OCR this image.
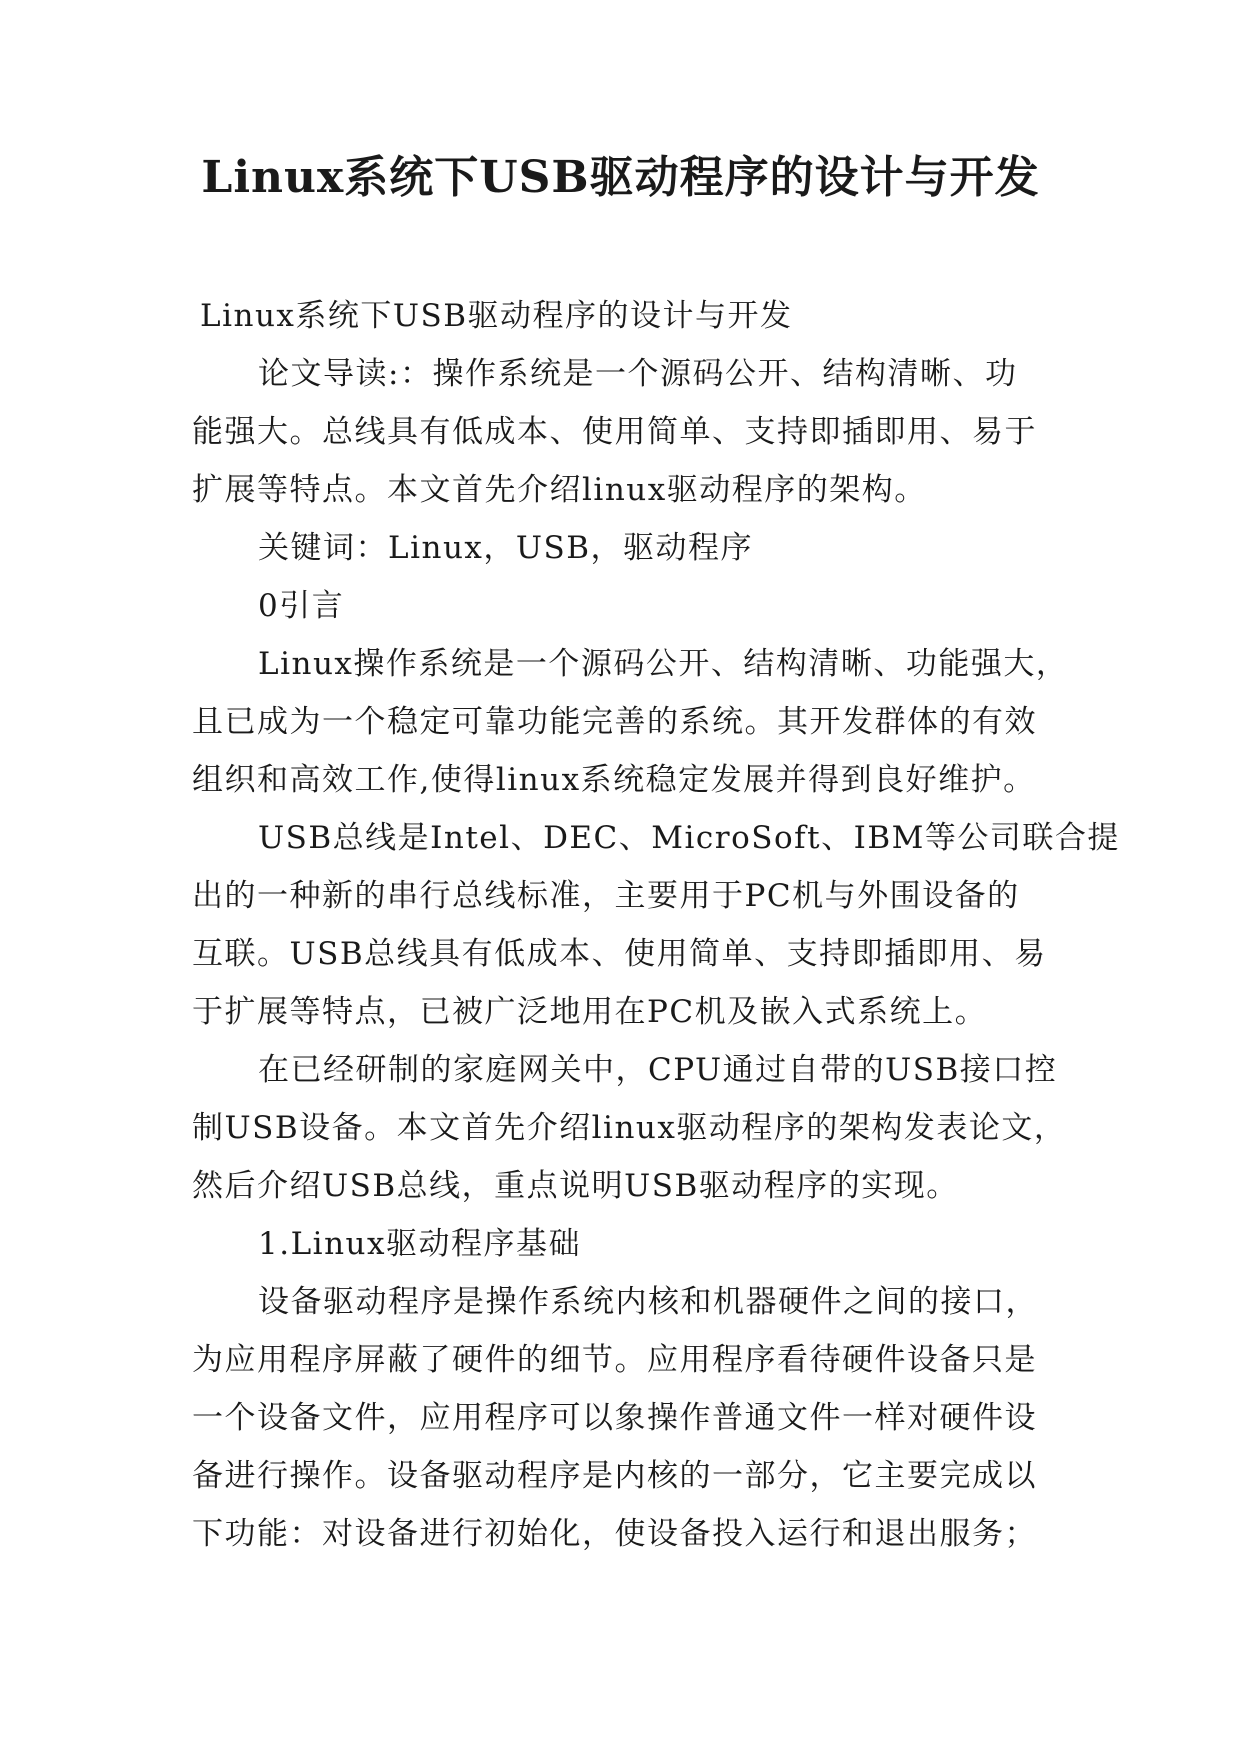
Linux系统下USB驱动程序的设计与开发
Linux系统下USB驱动程序的设计与开发
论文导读:：操作系统是一个源码公开、结构清晰、功
能强大。总线具有低成本、使用简单、支持即插即用、易于
扩展等特点。本文首先介绍linux驱动程序的架构。
关键词：Linux，USB，驱动程序
0引言
Linux操作系统是一个源码公开、结构清晰、功能强大，
且已成为一个稳定可靠功能完善的系统。其开发群体的有效
组织和高效工作,使得linux系统稳定发展并得到良好维护。
USB总线是Intel、DEC、MicroSoft、IBM等公司联合提
出的一种新的串行总线标准，主要用于PC机与外围设备的
互联。USB总线具有低成本、使用简单、支持即插即用、易
于扩展等特点，已被广泛地用在PC机及嵌入式系统上。
在已经研制的家庭网关中，CPU通过自带的USB接口控
制USB设备。本文首先介绍linux驱动程序的架构发表论文，
然后介绍USB总线，重点说明USB驱动程序的实现。
1.Linux驱动程序基础
设备驱动程序是操作系统内核和机器硬件之间的接口，
为应用程序屏蔽了硬件的细节。应用程序看待硬件设备只是
一个设备文件，应用程序可以象操作普通文件一样对硬件设
备进行操作。设备驱动程序是内核的一部分，它主要完成以
下功能：对设备进行初始化，使设备投入运行和退出服务；
